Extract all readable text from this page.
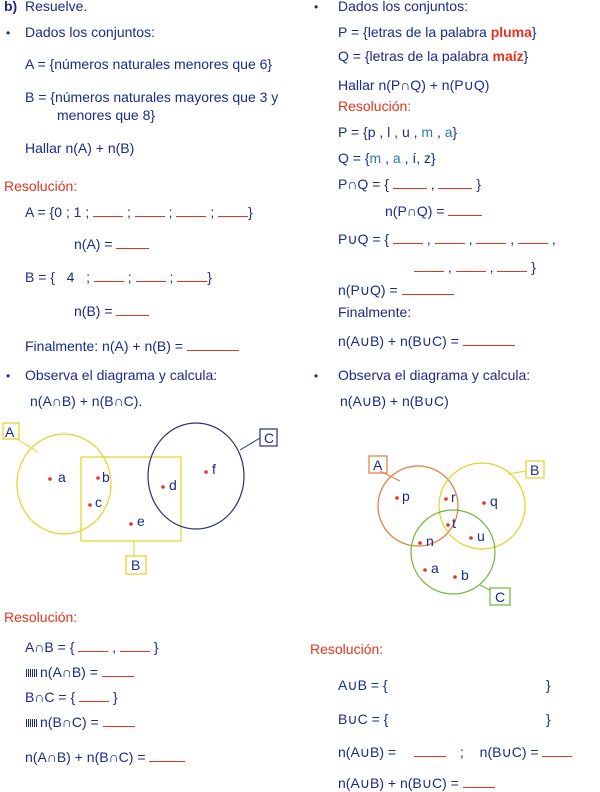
b) Resuelve.
• Dados los conjuntos:
A = {números naturales menores que 6}
B = {números naturales mayores que 3 y
menores que 8}
Hallar n(A) + n(B)
Resolución:
A = {0 ; 1 ;	;	;	; }
n(A) =
B = {   4   ;	;	; }
n(B) =
Finalmente: n(A) + n(B) =
• Observa el diagrama y calcula:
n(A∩B) + n(B∩C).
A
B
C
a	b
c
d
e
f
Resolución:
A∩B = {	,	}
n(A∩B) =
B∩C = {	}
n(B∩C) =
n(A∩B) + n(B∩C) =
• Dados los conjuntos:
P = {letras de la palabra pluma}
Q = {letras de la palabra maíz}
Hallar n(P∩Q) + n(P∪Q)
Resolución:
P = {p , l , u , m , a}
Q = {m , a , í, z}
P∩Q = {	,	}
n(P∩Q) =
P∪Q = {	,	,	,	,
,	,	}
n(P∪Q) =
Finalmente:
n(A∪B) + n(B∪C) =
• Observa el diagrama y calcula:
n(A∪B) + n(B∪C)
A	B
C
p	r q
t
n	u
a b
Resolución:
A∪B = {	}
B∪C = {	}
n(A∪B) =	; n(B∪C) =
n(A∪B) + n(B∪C) =
